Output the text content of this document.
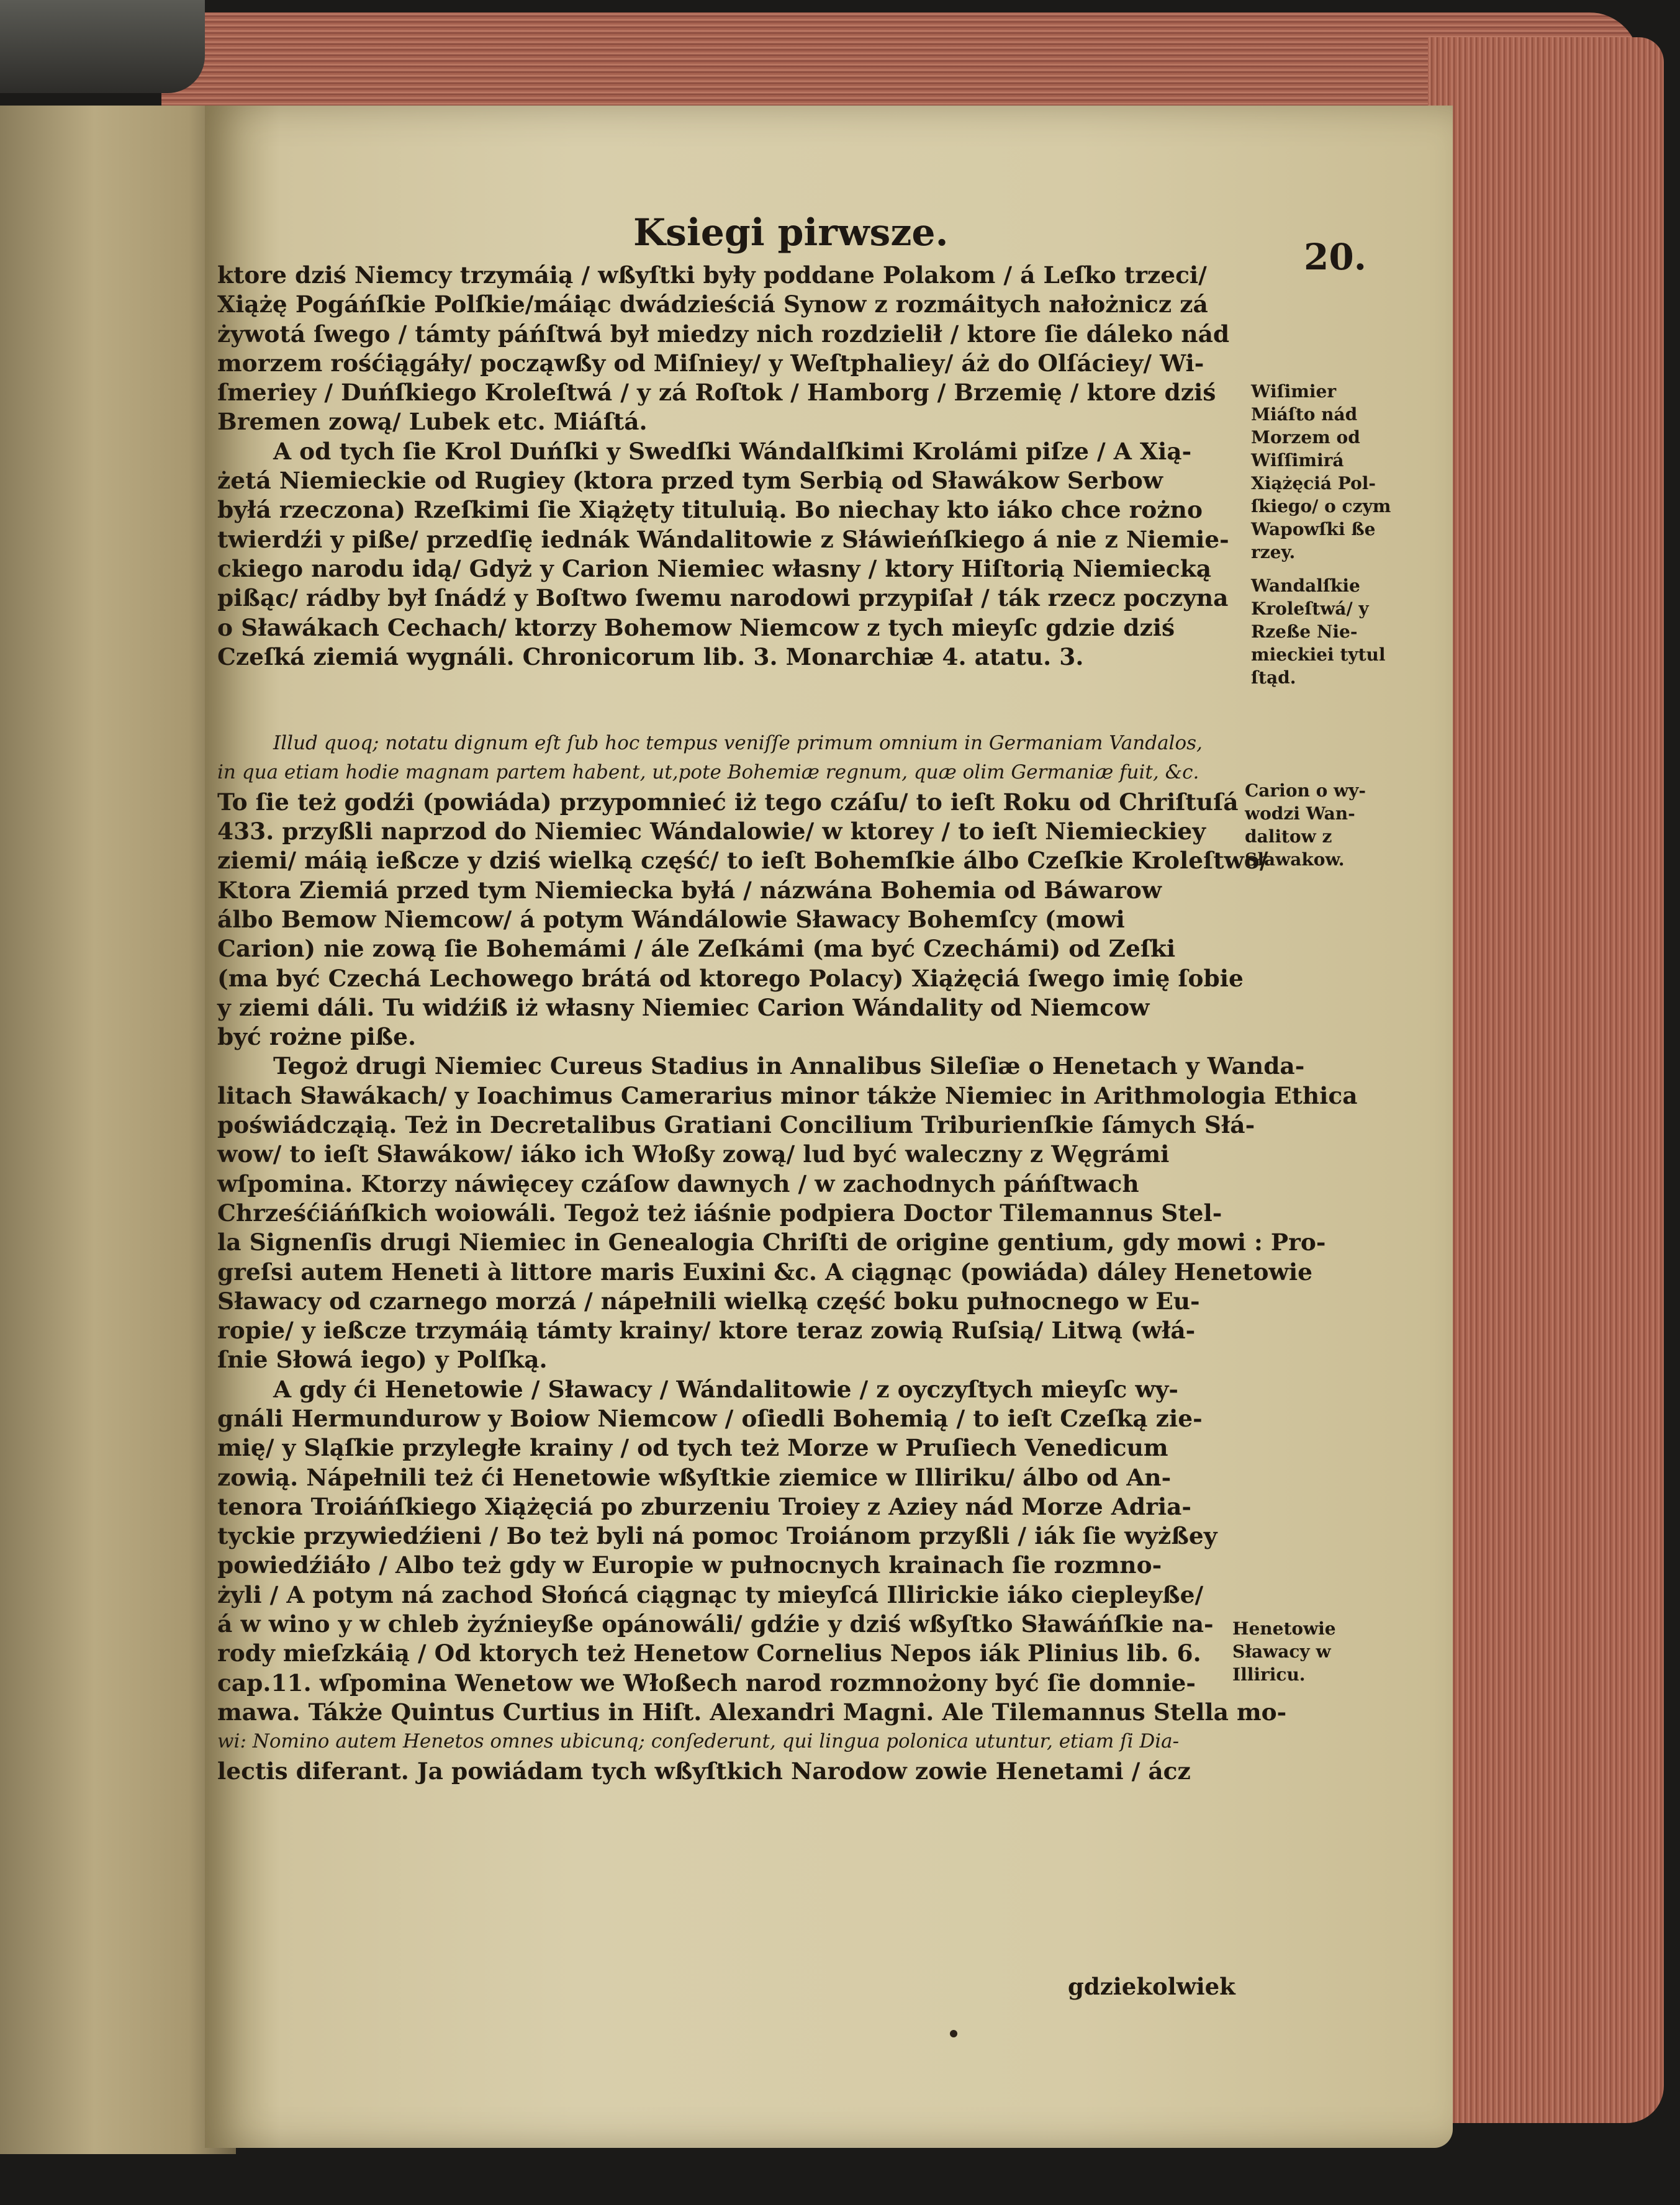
Ksiegi pirwsze.
20.

ktore dziś Niemcy trzymáią / wßyſtki były poddane Polakom / á Leſko trzeci/
Xiążę Pogáńſkie Polſkie/máiąc dwádzieściá Synow z rozmáitych nałożnicz zá
żywotá ſwego / támty páńſtwá był miedzy nich rozdzielił / ktore ſie dáleko nád
morzem rośćiągáły/ począwßy od Miſniey/ y Weſtphaliey/ áż do Olſáciey/ Wi-
ſmeriey / Duńſkiego Kroleſtwá / y zá Roſtok / Hamborg / Brzemię / ktore dziś
Bremen zową/ Lubek etc. Miáſtá.

A od tych ſie Krol Duńſki y Swedſki Wándalſkimi Krolámi piſze / A Xią-
żetá Niemieckie od Rugiey (ktora przed tym Serbią od Sławákow Serbow
byłá rzeczona) Rzeſkimi ſie Xiążęty tituluią. Bo niechay kto iáko chce rożno
twierdźi y piße/ przedſię iednák Wándalitowie z Słáwieńſkiego á nie z Niemie-
ckiego narodu idą/ Gdyż y Carion Niemiec własny / ktory Hiſtorią Niemiecką
pißąc/ rádby był ſnádź y Boſtwo ſwemu narodowi przypiſał / ták rzecz poczyna
o Sławákach Cechach/ ktorzy Bohemow Niemcow z tych mieyſc gdzie dziś
Czeſká ziemiá wygnáli. Chronicorum lib. 3. Monarchiæ 4. atatu. 3.

Illud quoq; notatu dignum eſt ſub hoc tempus veniſſe primum omnium in Germaniam Vandalos,
in qua etiam hodie magnam partem habent, ut,pote Bohemiæ regnum, quæ olim Germaniæ fuit, &c.

To ſie też godźi (powiáda) przypomnieć iż tego czáſu/ to ieſt Roku od Chriſtuſá
433. przyßli naprzod do Niemiec Wándalowie/ w ktorey / to ieſt Niemieckiey
ziemi/ máią ießcze y dziś wielką część/ to ieſt Bohemſkie álbo Czeſkie Kroleſtwo/
Ktora Ziemiá przed tym Niemiecka byłá / názwána Bohemia od Báwarow
álbo Bemow Niemcow/ á potym Wándálowie Sławacy Bohemſcy (mowi
Carion) nie zową ſie Bohemámi / ále Zeſkámi (ma być Czechámi) od Zeſki
(ma być Czechá Lechowego brátá od ktorego Polacy) Xiążęciá ſwego imię ſobie
y ziemi dáli. Tu widźiß iż własny Niemiec Carion Wándality od Niemcow
być rożne piße.

Tegoż drugi Niemiec Cureus Stadius in Annalibus Sileſiæ o Henetach y Wanda-
litach Sławákach/ y Ioachimus Camerarius minor tákże Niemiec in Arithmologia Ethica
poświádcząią. Też in Decretalibus Gratiani Concilium Triburienſkie ſámych Słá-
wow/ to ieſt Sławákow/ iáko ich Włoßy zową/ lud być waleczny z Węgrámi
wſpomina. Ktorzy náwięcey czáſow dawnych / w zachodnych páńſtwach
Chrześćiáńſkich woiowáli. Tegoż też iáśnie podpiera Doctor Tilemannus Stel-
la Signenſis drugi Niemiec in Genealogia Chriſti de origine gentium, gdy mowi : Pro-
greſsi autem Heneti à littore maris Euxini &c. A ciągnąc (powiáda) dáley Henetowie
Sławacy od czarnego morzá / nápełnili wielką część boku pułnocnego w Eu-
ropie/ y ießcze trzymáią támty krainy/ ktore teraz zowią Ruſsią/ Litwą (włá-
ſnie Słowá iego) y Polſką.

A gdy ći Henetowie / Sławacy / Wándalitowie / z oyczyſtych mieyſc wy-
gnáli Hermundurow y Boiow Niemcow / oſiedli Bohemią / to ieſt Czeſką zie-
mię/ y Sląſkie przyległe krainy / od tych też Morze w Pruſiech Venedicum
zowią. Nápełnili też ći Henetowie wßyſtkie ziemice w Illiriku/ álbo od An-
tenora Troiáńſkiego Xiążęciá po zburzeniu Troiey z Aziey nád Morze Adria-
tyckie przywiedźieni / Bo też byli ná pomoc Troiánom przyßli / iák ſie wyżßey
powiedźiáło / Albo też gdy w Europie w pułnocnych krainach ſie rozmno-
żyli / A potym ná zachod Słońcá ciągnąc ty mieyſcá Illirickie iáko ciepleyße/
á w wino y w chleb żyźnieyße opánowáli/ gdźie y dziś wßyſtko Sławáńſkie na-
rody mieſzkáią / Od ktorych też Henetow Cornelius Nepos iák Plinius lib. 6.
cap.11. wſpomina Wenetow we Włoßech narod rozmnożony być ſie domnie-
mawa. Tákże Quintus Curtius in Hiſt. Alexandri Magni. Ale Tilemannus Stella mo-
wi: Nomino autem Henetos omnes ubicunq; conſederunt, qui lingua polonica utuntur, etiam ſi Dia-
lectis diferant. Ja powiádam tych wßyſtkich Narodow zowie Henetami / ácz

Wiſimier
Miáſto nád
Morzem od
Wiſſimirá
Xiążęciá Pol-
ſkiego/ o czym
Wapowſki ße
rzey.
Wandalſkie
Kroleſtwá/ y
Rzeße Nie-
mieckiei tytul
ſtąd.
Carion o wy-
wodzi Wan-
dalitow z
Sławakow.
Henetowie
Sławacy w
Illiricu.
gdziekolwiek
